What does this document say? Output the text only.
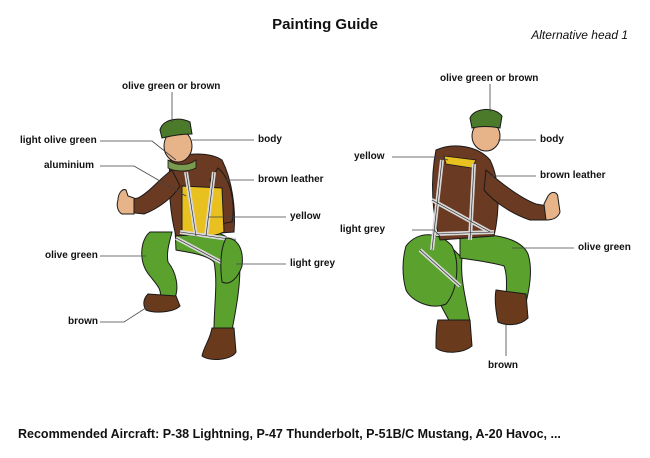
Painting Guide
Alternative head 1
olive green or brown
light olive green
aluminium
olive green
brown
body
brown leather
yellow
light grey
olive green or brown
yellow
light grey
body
brown leather
olive green
brown
Recommended Aircraft: P-38 Lightning, P-47 Thunderbolt, P-51B/C Mustang, A-20 Havoc, ...
